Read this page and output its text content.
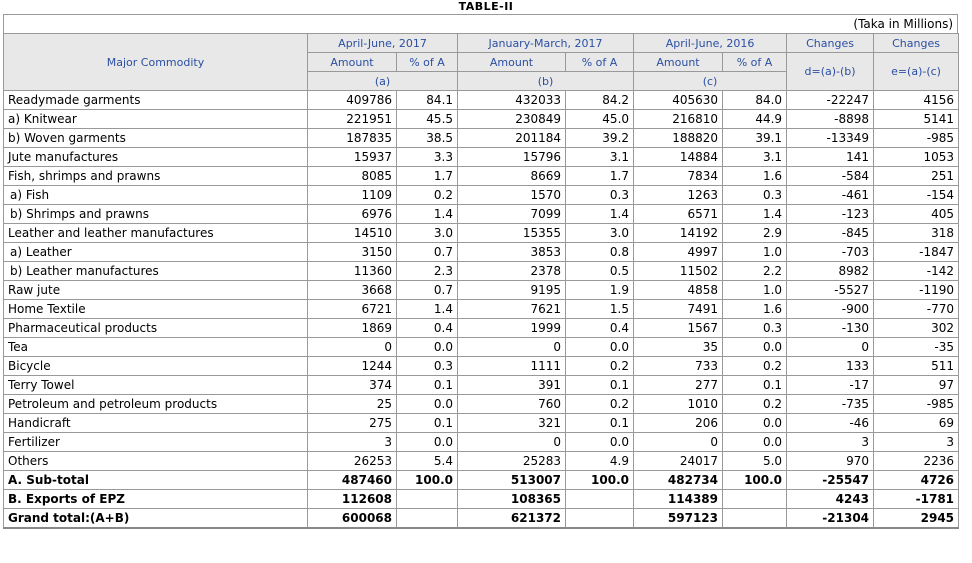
TABLE-II
(Taka in Millions)
Major Commodity	April-June, 2017		January-March, 2017		April-June, 2016		Changes	Changes
	Amount	% of A	Amount	% of A	Amount	% of A	d=(a)-(b)	e=(a)-(c)
	(a)		(b)		(c)			
Readymade garments	409786	84.1	432033	84.2	405630	84.0	-22247	4156
a) Knitwear	221951	45.5	230849	45.0	216810	44.9	-8898	5141
b) Woven garments	187835	38.5	201184	39.2	188820	39.1	-13349	-985
Jute manufactures	15937	3.3	15796	3.1	14884	3.1	141	1053
Fish, shrimps and prawns	8085	1.7	8669	1.7	7834	1.6	-584	251
a) Fish	1109	0.2	1570	0.3	1263	0.3	-461	-154
b) Shrimps and prawns	6976	1.4	7099	1.4	6571	1.4	-123	405
Leather and leather manufactures	14510	3.0	15355	3.0	14192	2.9	-845	318
a) Leather	3150	0.7	3853	0.8	4997	1.0	-703	-1847
b) Leather manufactures	11360	2.3	2378	0.5	11502	2.2	8982	-142
Raw jute	3668	0.7	9195	1.9	4858	1.0	-5527	-1190
Home Textile	6721	1.4	7621	1.5	7491	1.6	-900	-770
Pharmaceutical products	1869	0.4	1999	0.4	1567	0.3	-130	302
Tea	0	0.0	0	0.0	35	0.0	0	-35
Bicycle	1244	0.3	1111	0.2	733	0.2	133	511
Terry Towel	374	0.1	391	0.1	277	0.1	-17	97
Petroleum and petroleum products	25	0.0	760	0.2	1010	0.2	-735	-985
Handicraft	275	0.1	321	0.1	206	0.0	-46	69
Fertilizer	3	0.0	0	0.0	0	0.0	3	3
Others	26253	5.4	25283	4.9	24017	5.0	970	2236
A. Sub-total	487460	100.0	513007	100.0	482734	100.0	-25547	4726
B. Exports of EPZ	112608		108365		114389		4243	-1781
Grand total:(A+B)	600068		621372		597123		-21304	2945
